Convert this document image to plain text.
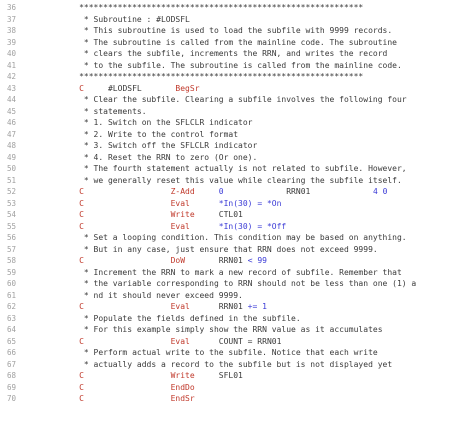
36	***********************************************************
37	* Subroutine : #LODSFL
38	* This subroutine is used to load the subfile with 9999 records.
39	* The subroutine is called from the mainline code. The subroutine
40	* clears the subfile, increments the RRN, and writes the record
41	* to the subfile. The subroutine is called from the mainline code.
42	***********************************************************
43	C     #LODSFL       BegSr
44	* Clear the subfile. Clearing a subfile involves the following four
45	* statements.
46	* 1. Switch on the SFLCLR indicator
47	* 2. Write to the control format
48	* 3. Switch off the SFLCLR indicator
49	* 4. Reset the RRN to zero (Or one).
50	* The fourth statement actually is not related to subfile. However,
51	* we generally reset this value while clearing the subfile itself.
52	C	Z-Add	0             RRN01             4 0
53	C	Eval	*In(30) = *On
54	C	Write     CTL01
55	C	Eval	*In(30) = *Off
56	* Set a looping condition. This condition may be based on anything.
57	* But in any case, just ensure that RRN does not exceed 9999.
58	C	DoW       RRN01 < 99
59	* Increment the RRN to mark a new record of subfile. Remember that
60	* the variable corresponding to RRN should not be less than one (1) a
61	* nd it should never exceed 9999.
62	C	Eval      RRN01 += 1
63	* Populate the fields defined in the subfile.
64	* For this example simply show the RRN value as it accumulates
65	C	Eval      COUNT = RRN01
66	* Perform actual write to the subfile. Notice that each write
67	* actually adds a record to the subfile but is not displayed yet
68	C	Write     SFL01
69	C	EndDo
70	C	EndSr
